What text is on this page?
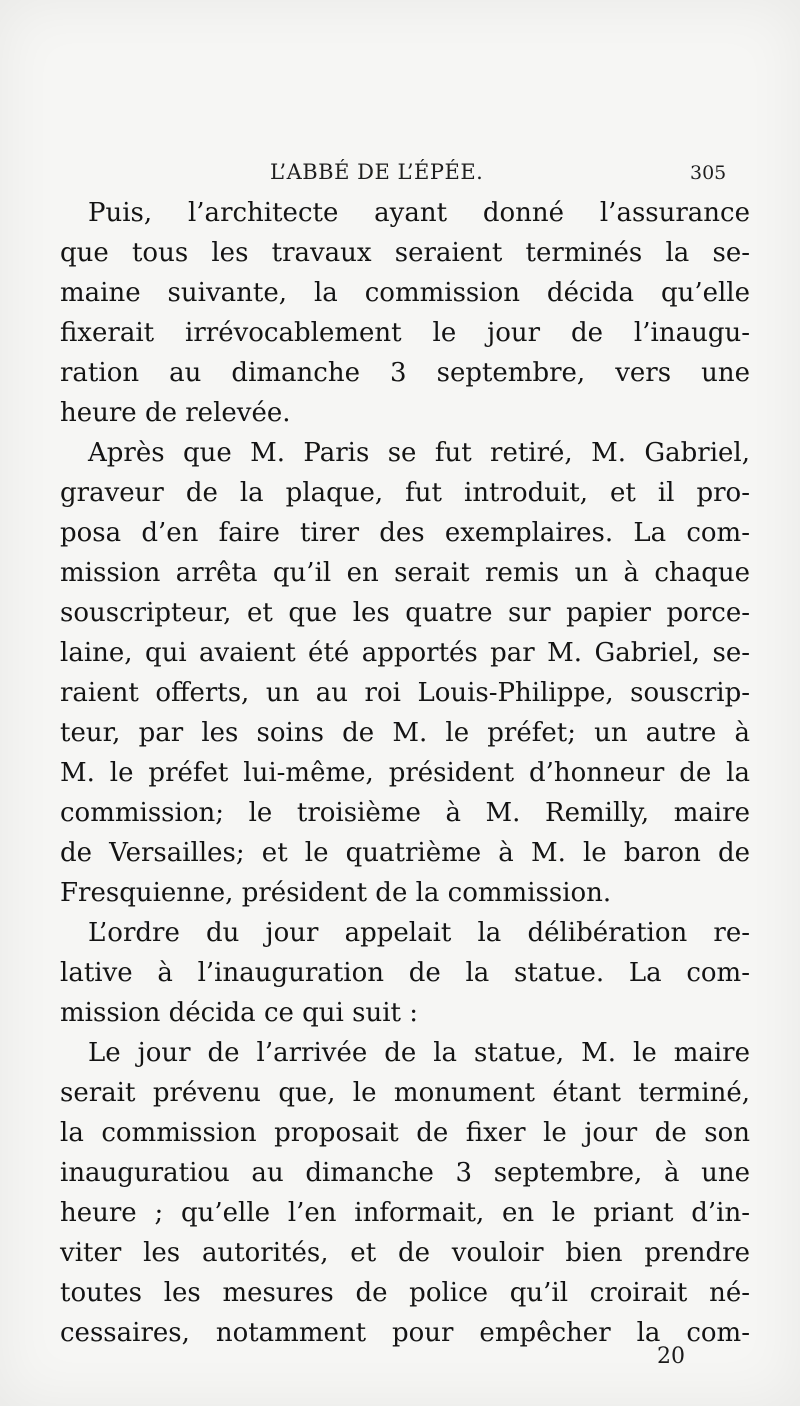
L’ABBÉ DE L’ÉPÉE.	305
Puis, l’architecte ayant donné l’assurance
que tous les travaux seraient terminés la se-
maine suivante, la commission décida qu’elle
fixerait irrévocablement le jour de l’inaugu-
ration au dimanche 3 septembre, vers une
heure de relevée.
Après que M. Paris se fut retiré, M. Gabriel,
graveur de la plaque, fut introduit, et il pro-
posa d’en faire tirer des exemplaires. La com-
mission arrêta qu’il en serait remis un à chaque
souscripteur, et que les quatre sur papier porce-
laine, qui avaient été apportés par M. Gabriel, se-
raient offerts, un au roi Louis-Philippe, souscrip-
teur, par les soins de M. le préfet; un autre à
M. le préfet lui-même, président d’honneur de la
commission; le troisième à M. Remilly, maire
de Versailles; et le quatrième à M. le baron de
Fresquienne, président de la commission.
L’ordre du jour appelait la délibération re-
lative à l’inauguration de la statue. La com-
mission décida ce qui suit :
Le jour de l’arrivée de la statue, M. le maire
serait prévenu que, le monument étant terminé,
la commission proposait de fixer le jour de son
inauguratiou au dimanche 3 septembre, à une
heure ; qu’elle l’en informait, en le priant d’in-
viter les autorités, et de vouloir bien prendre
toutes les mesures de police qu’il croirait né-
cessaires, notamment pour empêcher la com-
20
